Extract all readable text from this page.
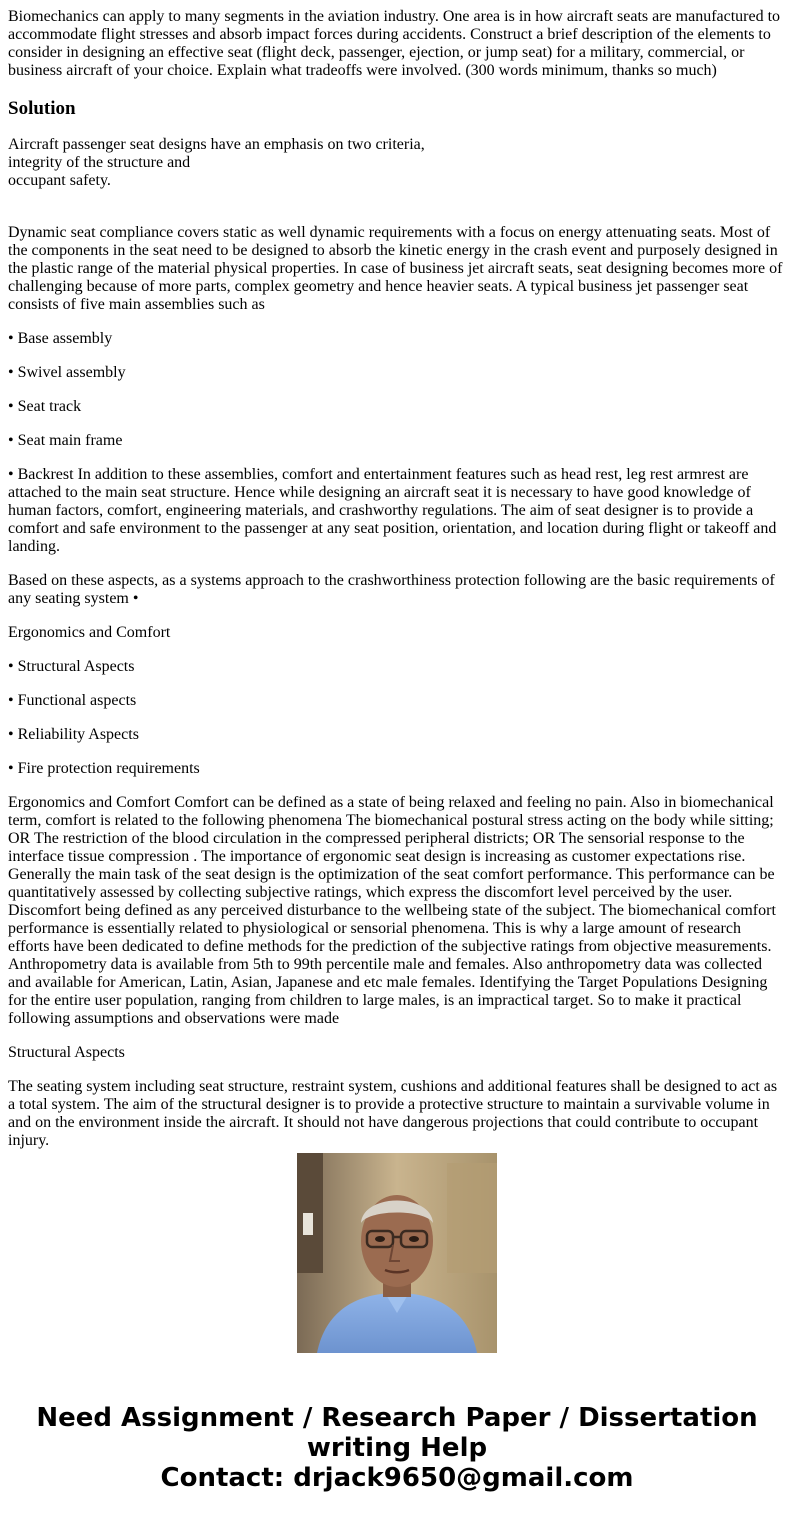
Biomechanics can apply to many segments in the aviation industry. One area is in how aircraft seats are manufactured to accommodate flight stresses and absorb impact forces during accidents. Construct a brief description of the elements to consider in designing an effective seat (flight deck, passenger, ejection, or jump seat) for a military, commercial, or business aircraft of your choice. Explain what tradeoffs were involved. (300 words minimum, thanks so much)

Solution

Aircraft passenger seat designs have an emphasis on two criteria,
integrity of the structure and
occupant safety.

Dynamic seat compliance covers static as well dynamic requirements with a focus on energy attenuating seats. Most of the components in the seat need to be designed to absorb the kinetic energy in the crash event and purposely designed in the plastic range of the material physical properties. In case of business jet aircraft seats, seat designing becomes more of challenging because of more parts, complex geometry and hence heavier seats. A typical business jet passenger seat consists of five main assemblies such as

• Base assembly

• Swivel assembly

• Seat track

• Seat main frame

• Backrest In addition to these assemblies, comfort and entertainment features such as head rest, leg rest armrest are attached to the main seat structure. Hence while designing an aircraft seat it is necessary to have good knowledge of human factors, comfort, engineering materials, and crashworthy regulations. The aim of seat designer is to provide a comfort and safe environment to the passenger at any seat position, orientation, and location during flight or takeoff and landing.

Based on these aspects, as a systems approach to the crashworthiness protection following are the basic requirements of any seating system •

Ergonomics and Comfort

• Structural Aspects

• Functional aspects

• Reliability Aspects

• Fire protection requirements

Ergonomics and Comfort Comfort can be defined as a state of being relaxed and feeling no pain. Also in biomechanical term, comfort is related to the following phenomena The biomechanical postural stress acting on the body while sitting; OR The restriction of the blood circulation in the compressed peripheral districts; OR The sensorial response to the interface tissue compression . The importance of ergonomic seat design is increasing as customer expectations rise. Generally the main task of the seat design is the optimization of the seat comfort performance. This performance can be quantitatively assessed by collecting subjective ratings, which express the discomfort level perceived by the user. Discomfort being defined as any perceived disturbance to the wellbeing state of the subject. The biomechanical comfort performance is essentially related to physiological or sensorial phenomena. This is why a large amount of research efforts have been dedicated to define methods for the prediction of the subjective ratings from objective measurements. Anthropometry data is available from 5th to 99th percentile male and females. Also anthropometry data was collected and available for American, Latin, Asian, Japanese and etc male females. Identifying the Target Populations Designing for the entire user population, ranging from children to large males, is an impractical target. So to make it practical following assumptions and observations were made

Structural Aspects

The seating system including seat structure, restraint system, cushions and additional features shall be designed to act as a total system. The aim of the structural designer is to provide a protective structure to maintain a survivable volume in and on the environment inside the aircraft. It should not have dangerous projections that could contribute to occupant injury.

Need Assignment / Research Paper / Dissertation
writing Help
Contact: drjack9650@gmail.com
